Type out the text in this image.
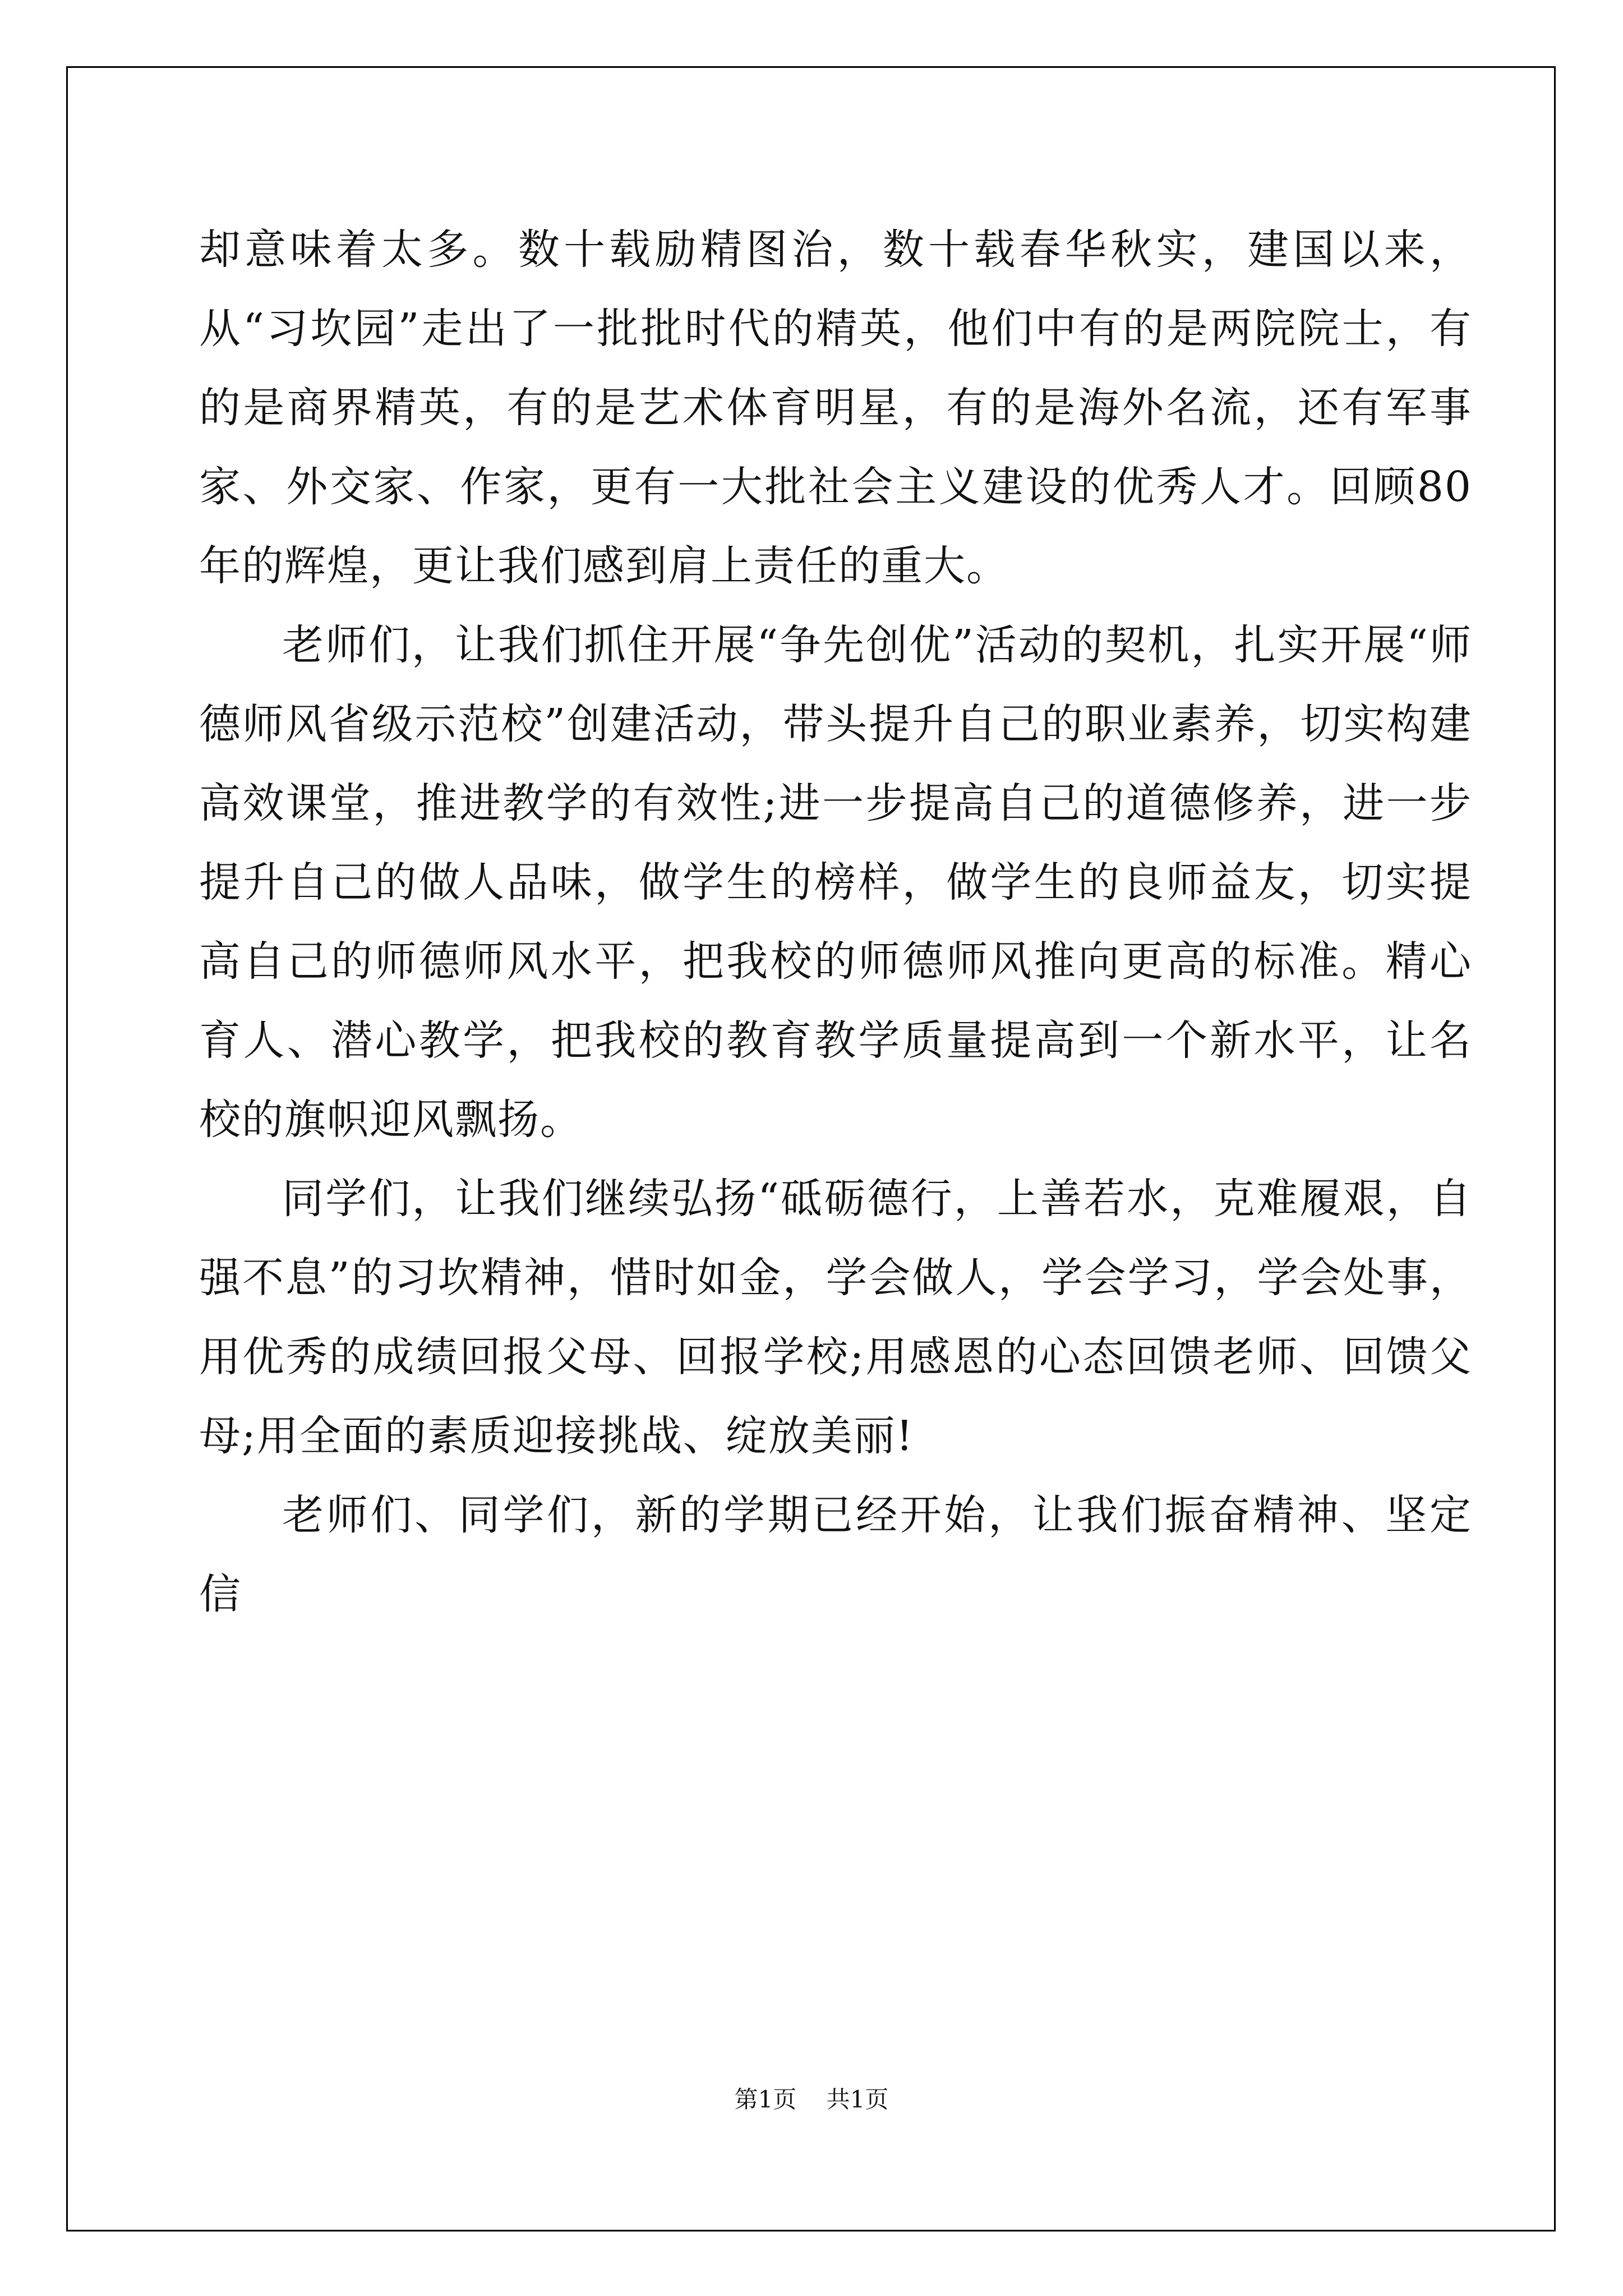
却意味着太多。数十载励精图治，数十载春华秋实，建国以来，从“习坎园”走出了一批批时代的精英，他们中有的是两院院士，有的是商界精英，有的是艺术体育明星，有的是海外名流，还有军事家、外交家、作家，更有一大批社会主义建设的优秀人才。回顾80年的辉煌，更让我们感到肩上责任的重大。

老师们，让我们抓住开展“争先创优”活动的契机，扎实开展“师德师风省级示范校”创建活动，带头提升自己的职业素养，切实构建高效课堂，推进教学的有效性;进一步提高自己的道德修养，进一步提升自己的做人品味，做学生的榜样，做学生的良师益友，切实提高自己的师德师风水平，把我校的师德师风推向更高的标准。精心育人、潜心教学，把我校的教育教学质量提高到一个新水平，让名校的旗帜迎风飘扬。

同学们，让我们继续弘扬“砥砺德行，上善若水，克难履艰，自强不息”的习坎精神，惜时如金，学会做人，学会学习，学会处事，用优秀的成绩回报父母、回报学校;用感恩的心态回馈老师、回馈父母;用全面的素质迎接挑战、绽放美丽!

老师们、同学们，新的学期已经开始，让我们振奋精神、坚定信

第1页 共1页
